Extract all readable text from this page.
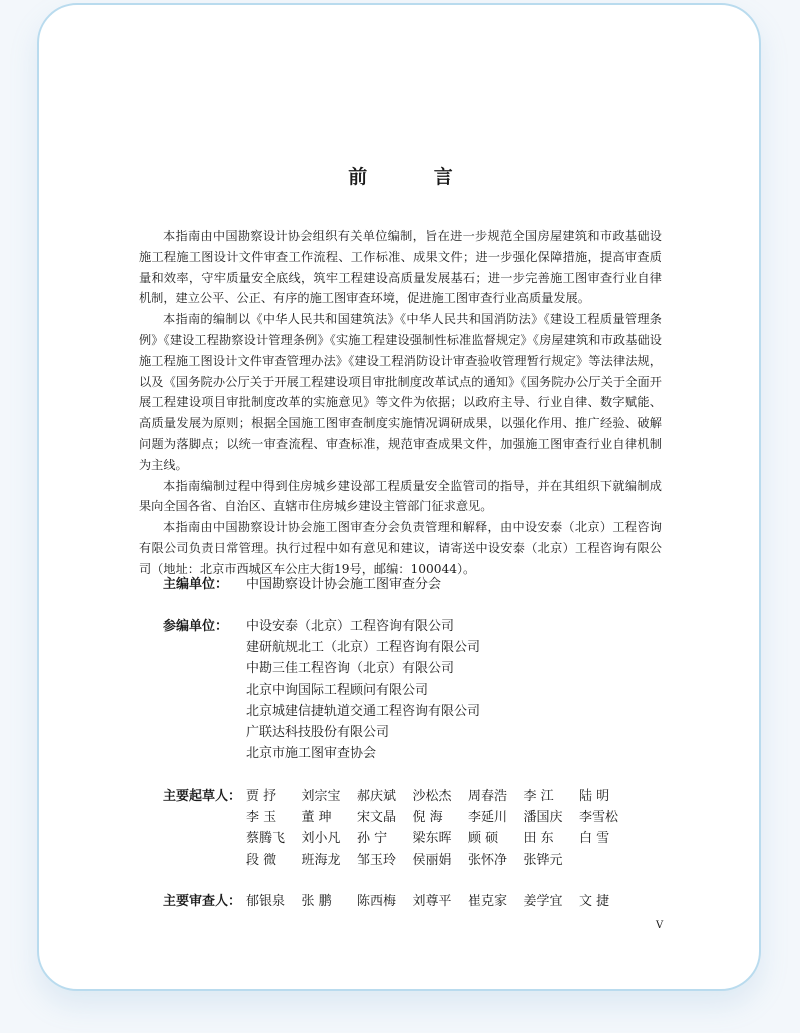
前 言

本指南由中国勘察设计协会组织有关单位编制，旨在进一步规范全国房屋建筑和市政基础设施工程施工图设计文件审查工作流程、工作标准、成果文件；进一步强化保障措施，提高审查质量和效率，守牢质量安全底线，筑牢工程建设高质量发展基石；进一步完善施工图审查行业自律机制，建立公平、公正、有序的施工图审查环境，促进施工图审查行业高质量发展。

本指南的编制以《中华人民共和国建筑法》《中华人民共和国消防法》《建设工程质量管理条例》《建设工程勘察设计管理条例》《实施工程建设强制性标准监督规定》《房屋建筑和市政基础设施工程施工图设计文件审查管理办法》《建设工程消防设计审查验收管理暂行规定》等法律法规，以及《国务院办公厅关于开展工程建设项目审批制度改革试点的通知》《国务院办公厅关于全面开展工程建设项目审批制度改革的实施意见》等文件为依据；以政府主导、行业自律、数字赋能、高质量发展为原则；根据全国施工图审查制度实施情况调研成果，以强化作用、推广经验、破解问题为落脚点；以统一审查流程、审查标准，规范审查成果文件，加强施工图审查行业自律机制为主线。

本指南编制过程中得到住房城乡建设部工程质量安全监管司的指导，并在其组织下就编制成果向全国各省、自治区、直辖市住房城乡建设主管部门征求意见。

本指南由中国勘察设计协会施工图审查分会负责管理和解释，由中设安泰（北京）工程咨询有限公司负责日常管理。执行过程中如有意见和建议，请寄送中设安泰（北京）工程咨询有限公司（地址：北京市西城区车公庄大街19号，邮编：100044）。

主编单位：	中国勘察设计协会施工图审查分会
参编单位：	中设安泰（北京）工程咨询有限公司
建研航规北工（北京）工程咨询有限公司
中勘三佳工程咨询（北京）有限公司
北京中询国际工程顾问有限公司
北京城建信捷轨道交通工程咨询有限公司
广联达科技股份有限公司
北京市施工图审查协会
主要起草人： 贾 抒	刘宗宝	郝庆斌	沙松杰	周春浩	李 江	陆 明
李 玉	董 珅	宋文晶	倪 海	李延川	潘国庆	李雪松
蔡腾飞	刘小凡	孙 宁	梁东晖	顾 硕	田 东	白 雪
段 微	班海龙	邹玉玲	侯丽娟	张怀净	张铧元
主要审查人： 郁银泉	张 鹏	陈西梅	刘尊平	崔克家	姜学宜	文 捷
V
